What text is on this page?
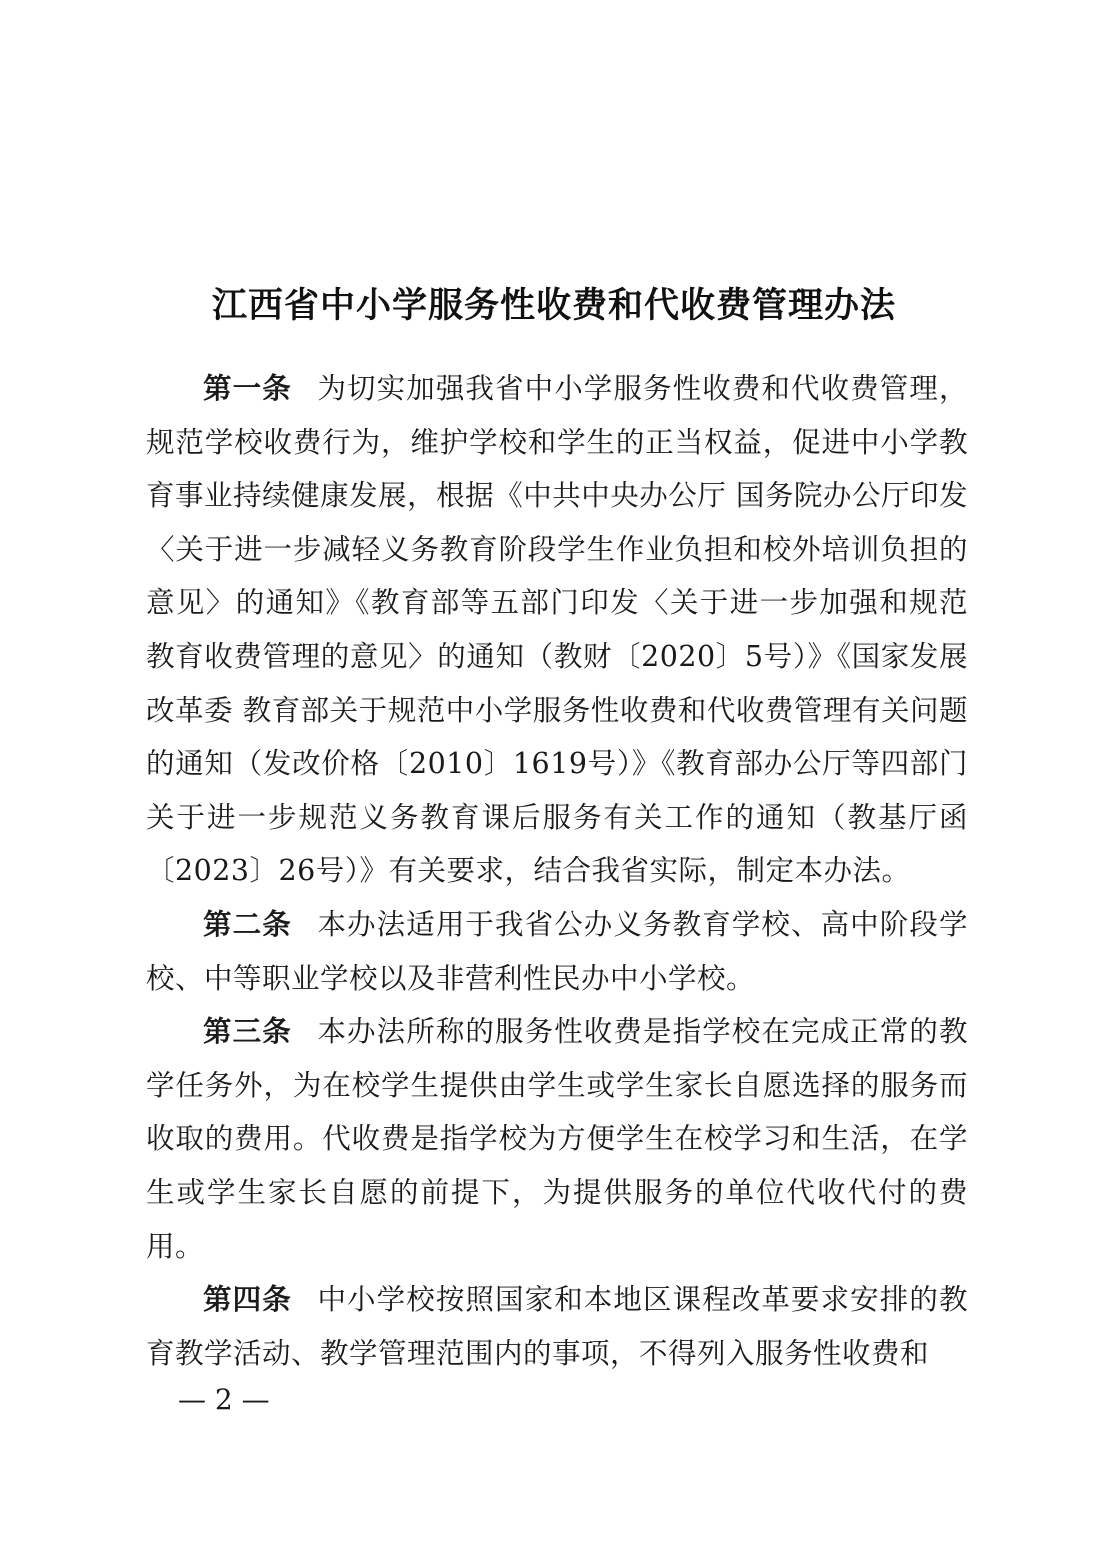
江西省中小学服务性收费和代收费管理办法

第一条 为切实加强我省中小学服务性收费和代收费管理，规范学校收费行为，维护学校和学生的正当权益，促进中小学教育事业持续健康发展，根据《中共中央办公厅 国务院办公厅印发〈关于进一步减轻义务教育阶段学生作业负担和校外培训负担的意见〉的通知》《教育部等五部门印发〈关于进一步加强和规范教育收费管理的意见〉的通知（教财〔2020〕5号）》《国家发展改革委 教育部关于规范中小学服务性收费和代收费管理有关问题的通知（发改价格〔2010〕1619号）》《教育部办公厅等四部门关于进一步规范义务教育课后服务有关工作的通知（教基厅函〔2023〕26号）》有关要求，结合我省实际，制定本办法。

第二条 本办法适用于我省公办义务教育学校、高中阶段学校、中等职业学校以及非营利性民办中小学校。

第三条 本办法所称的服务性收费是指学校在完成正常的教学任务外，为在校学生提供由学生或学生家长自愿选择的服务而收取的费用。代收费是指学校为方便学生在校学习和生活，在学生或学生家长自愿的前提下，为提供服务的单位代收代付的费用。

第四条 中小学校按照国家和本地区课程改革要求安排的教育教学活动、教学管理范围内的事项，不得列入服务性收费和

— 2 —
